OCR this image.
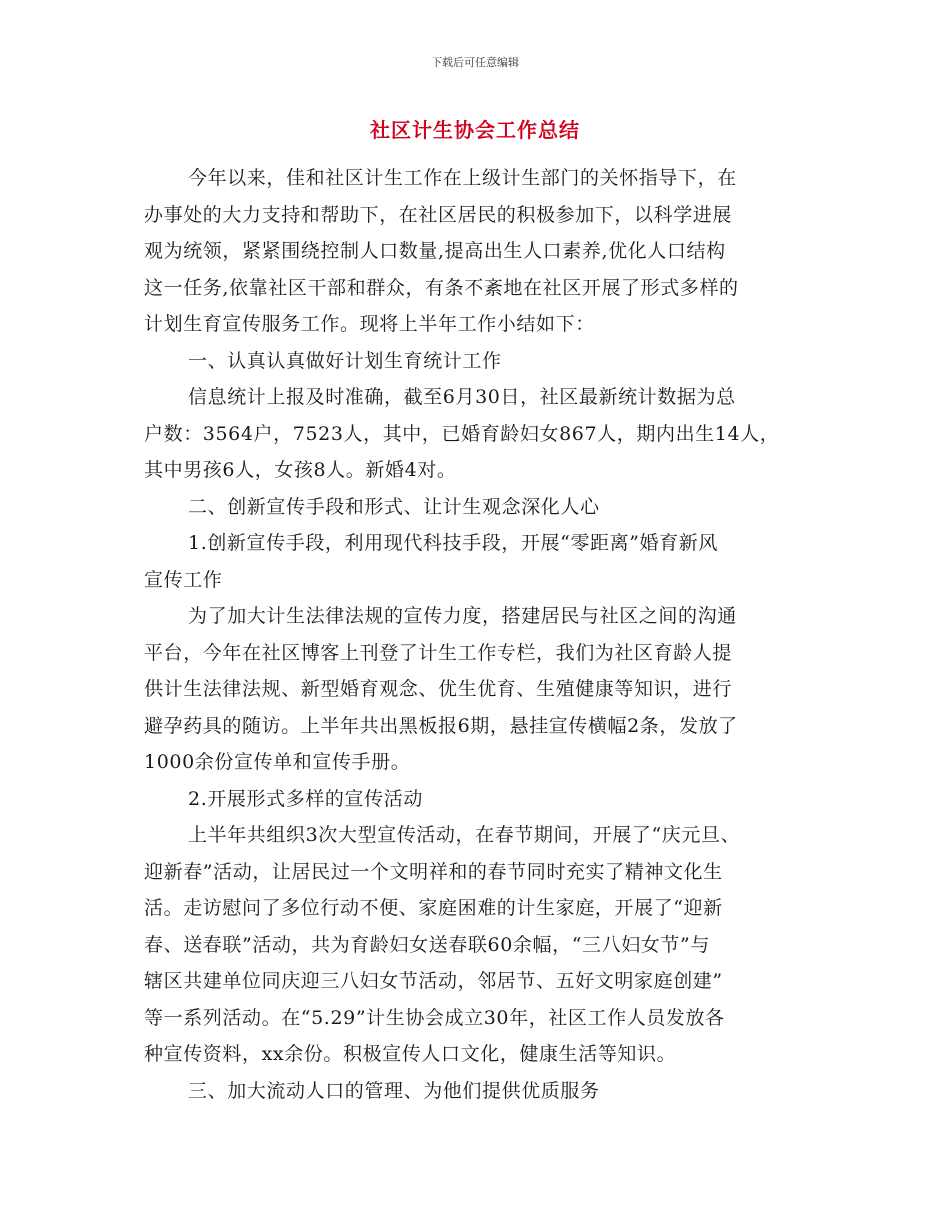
下载后可任意编辑
社区计生协会工作总结
今年以来，佳和社区计生工作在上级计生部门的关怀指导下，在
办事处的大力支持和帮助下，在社区居民的积极参加下，以科学进展
观为统领，紧紧围绕控制人口数量,提高出生人口素养,优化人口结构
这一任务,依靠社区干部和群众，有条不紊地在社区开展了形式多样的
计划生育宣传服务工作。现将上半年工作小结如下：
一、认真认真做好计划生育统计工作
信息统计上报及时准确，截至6月30日，社区最新统计数据为总
户数：3564户，7523人，其中，已婚育龄妇女867人，期内出生14人，
其中男孩6人，女孩8人。新婚4对。
二、创新宣传手段和形式、让计生观念深化人心
1.创新宣传手段，利用现代科技手段，开展“零距离”婚育新风
宣传工作
为了加大计生法律法规的宣传力度，搭建居民与社区之间的沟通
平台，今年在社区博客上刊登了计生工作专栏，我们为社区育龄人提
供计生法律法规、新型婚育观念、优生优育、生殖健康等知识，进行
避孕药具的随访。上半年共出黑板报6期，悬挂宣传横幅2条，发放了
1000余份宣传单和宣传手册。
2.开展形式多样的宣传活动
上半年共组织3次大型宣传活动，在春节期间，开展了“庆元旦、
迎新春”活动，让居民过一个文明祥和的春节同时充实了精神文化生
活。走访慰问了多位行动不便、家庭困难的计生家庭，开展了“迎新
春、送春联”活动，共为育龄妇女送春联60余幅，“三八妇女节”与
辖区共建单位同庆迎三八妇女节活动，邻居节、五好文明家庭创建”
等一系列活动。在“5.29”计生协会成立30年，社区工作人员发放各
种宣传资料，xx余份。积极宣传人口文化，健康生活等知识。
三、加大流动人口的管理、为他们提供优质服务
